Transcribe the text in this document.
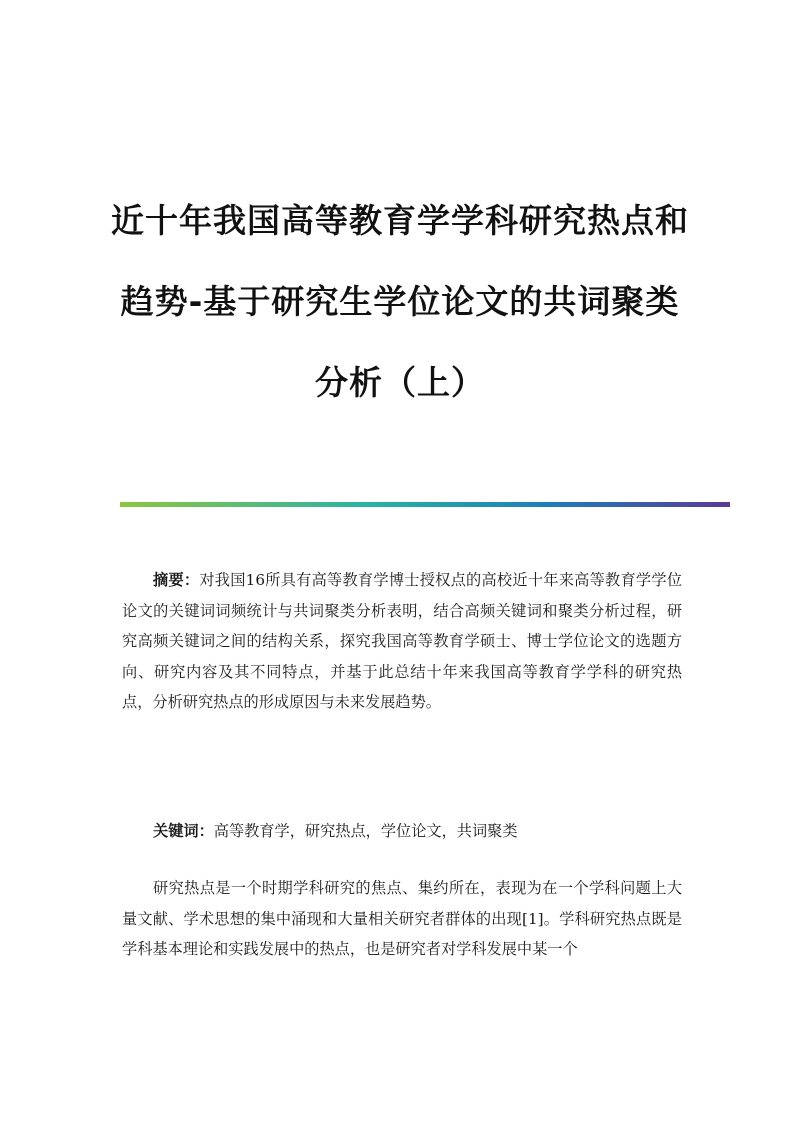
近十年我国高等教育学学科研究热点和
趋势-基于研究生学位论文的共词聚类
分析（上）
摘要：对我国16所具有高等教育学博士授权点的高校近十年来高等教育学学位论文的关键词词频统计与共词聚类分析表明，结合高频关键词和聚类分析过程，研究高频关键词之间的结构关系，探究我国高等教育学硕士、博士学位论文的选题方向、研究内容及其不同特点，并基于此总结十年来我国高等教育学学科的研究热点，分析研究热点的形成原因与未来发展趋势。
关键词：高等教育学，研究热点，学位论文，共词聚类
研究热点是一个时期学科研究的焦点、集约所在，表现为在一个学科问题上大量文献、学术思想的集中涌现和大量相关研究者群体的出现[1]。学科研究热点既是学科基本理论和实践发展中的热点，也是研究者对学科发展中某一个
